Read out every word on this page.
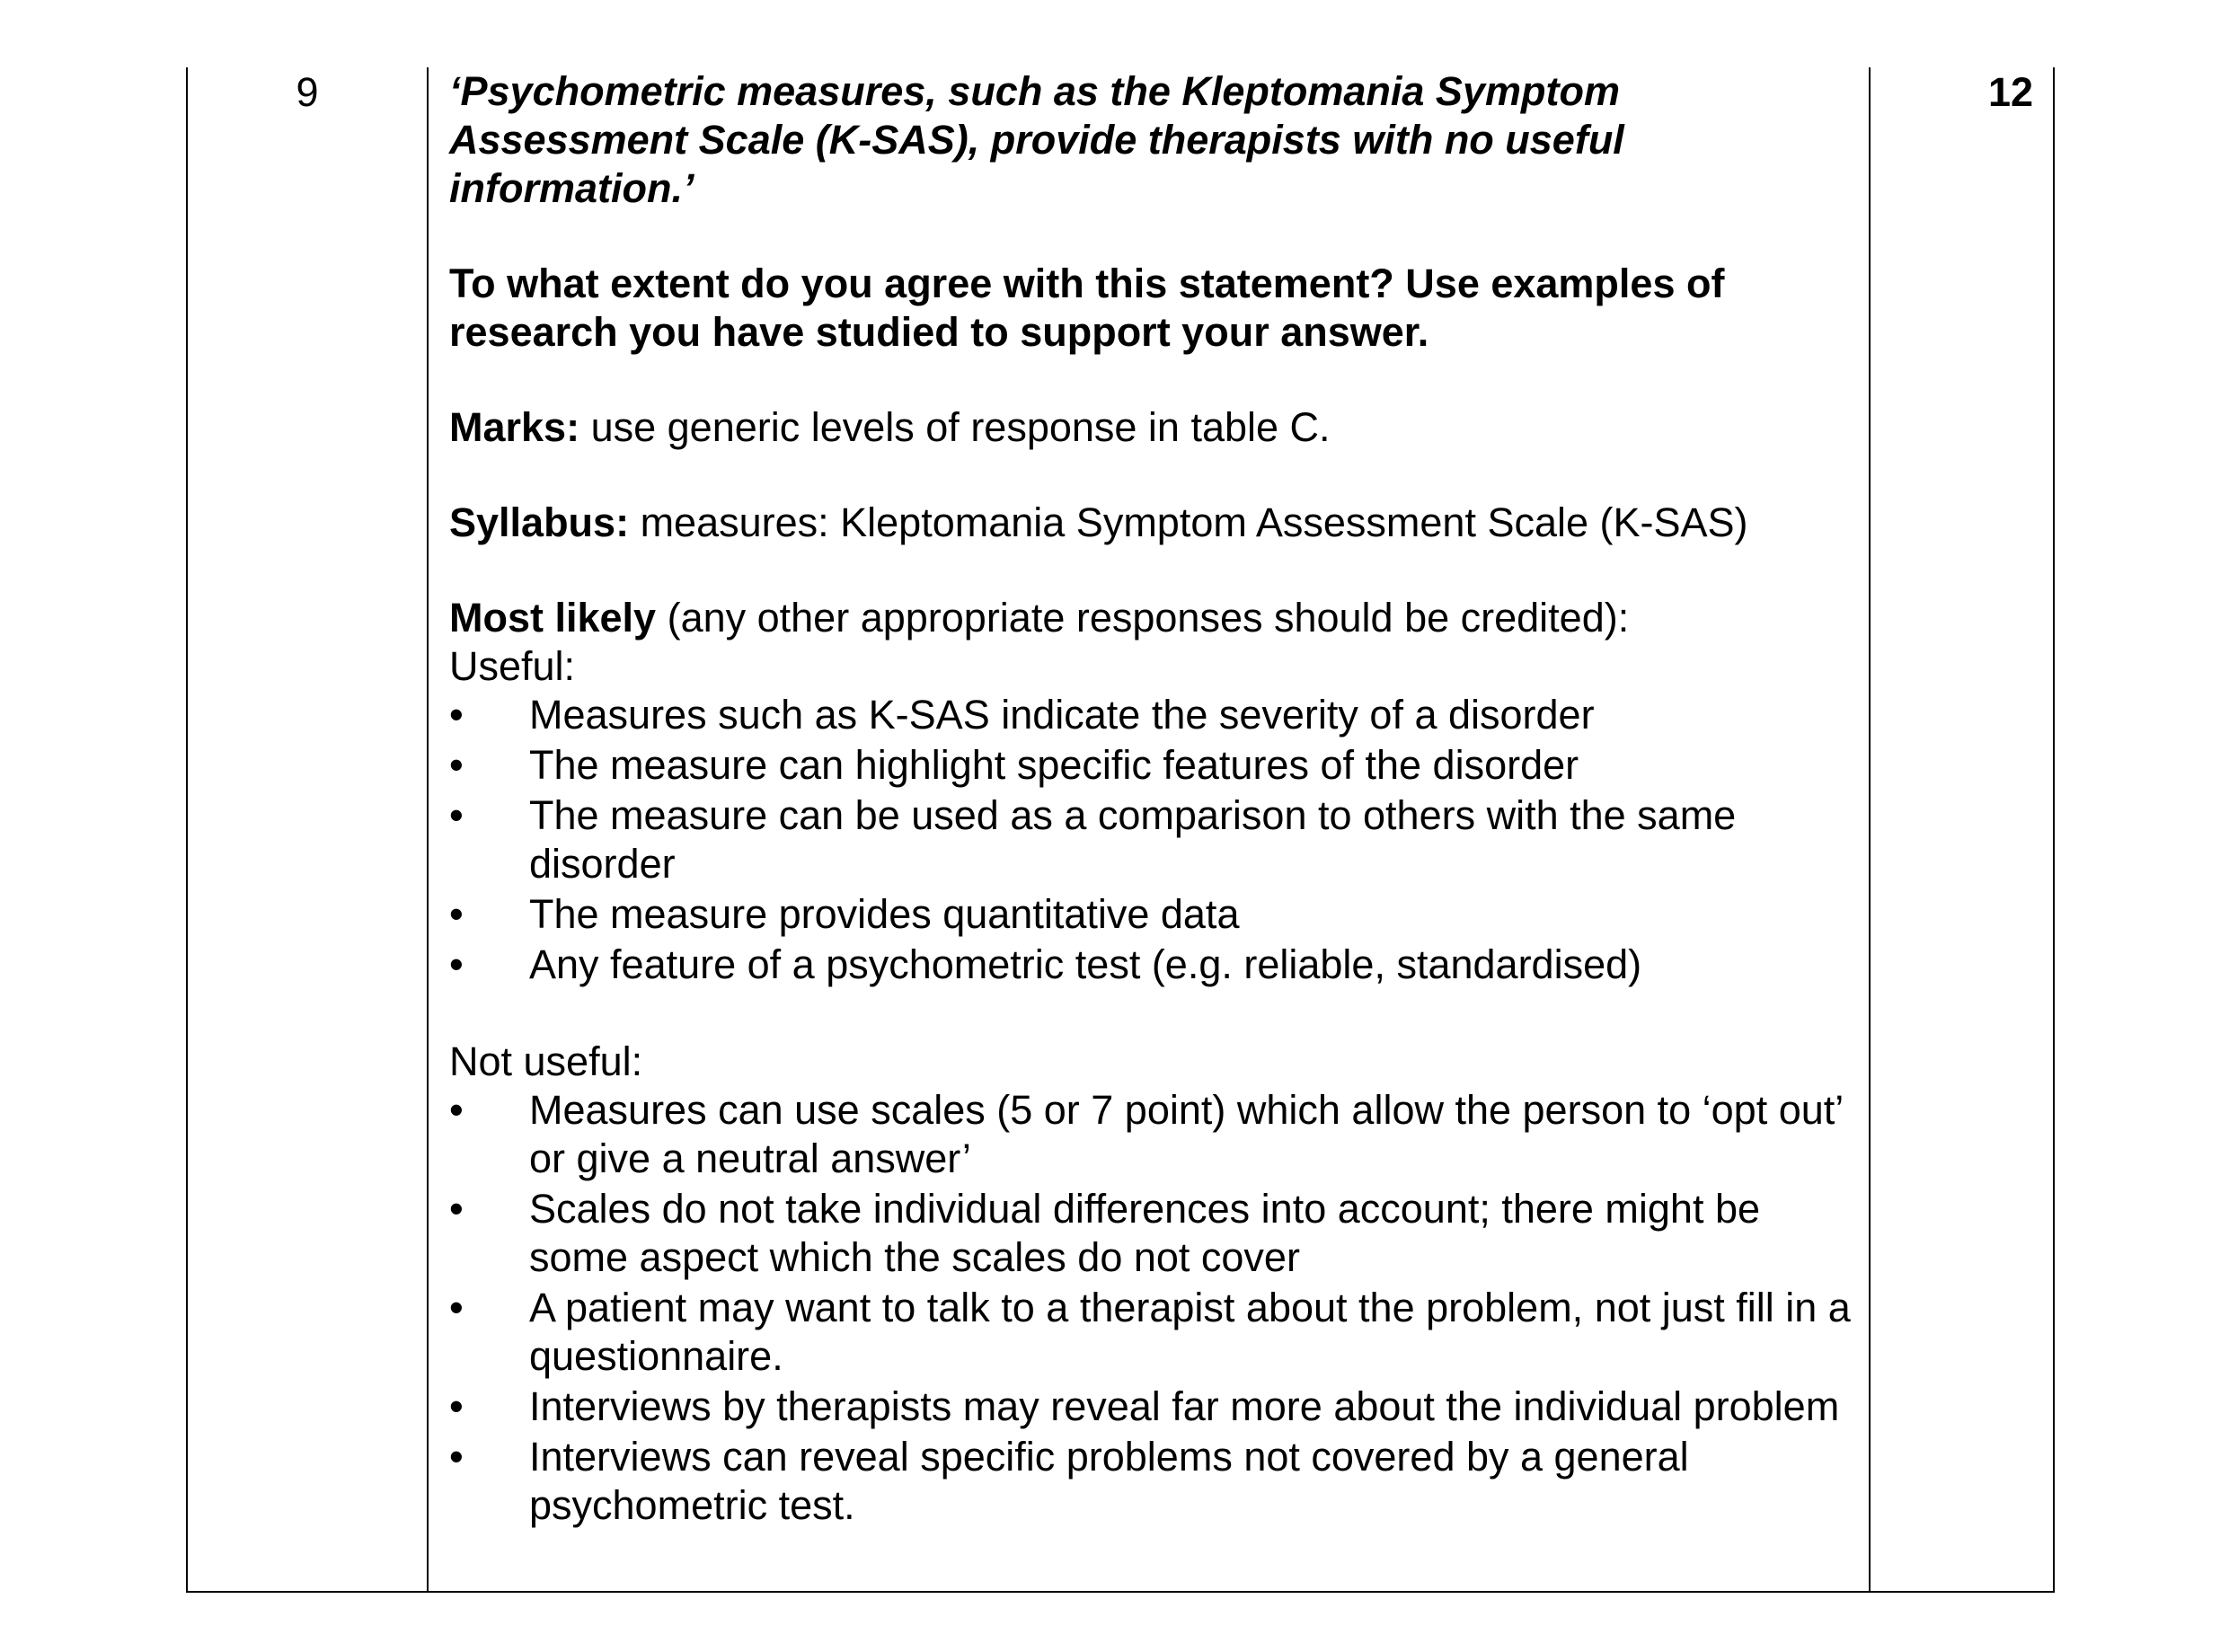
9	‘Psychometric measures, such as the Kleptomania Symptom Assessment Scale (K-SAS), provide therapists with no useful information.’

To what extent do you agree with this statement? Use examples of research you have studied to support your answer.

Marks: use generic levels of response in table C.

Syllabus: measures: Kleptomania Symptom Assessment Scale (K-SAS)

Most likely (any other appropriate responses should be credited):

Useful:

• Measures such as K-SAS indicate the severity of a disorder
• The measure can highlight specific features of the disorder
• The measure can be used as a comparison to others with the same disorder
• The measure provides quantitative data
• Any feature of a psychometric test (e.g. reliable, standardised)

Not useful:

• Measures can use scales (5 or 7 point) which allow the person to ‘opt out’ or give a neutral answer’
• Scales do not take individual differences into account; there might be some aspect which the scales do not cover
• A patient may want to talk to a therapist about the problem, not just fill in a questionnaire.
• Interviews by therapists may reveal far more about the individual problem
• Interviews can reveal specific problems not covered by a general psychometric test.
12
